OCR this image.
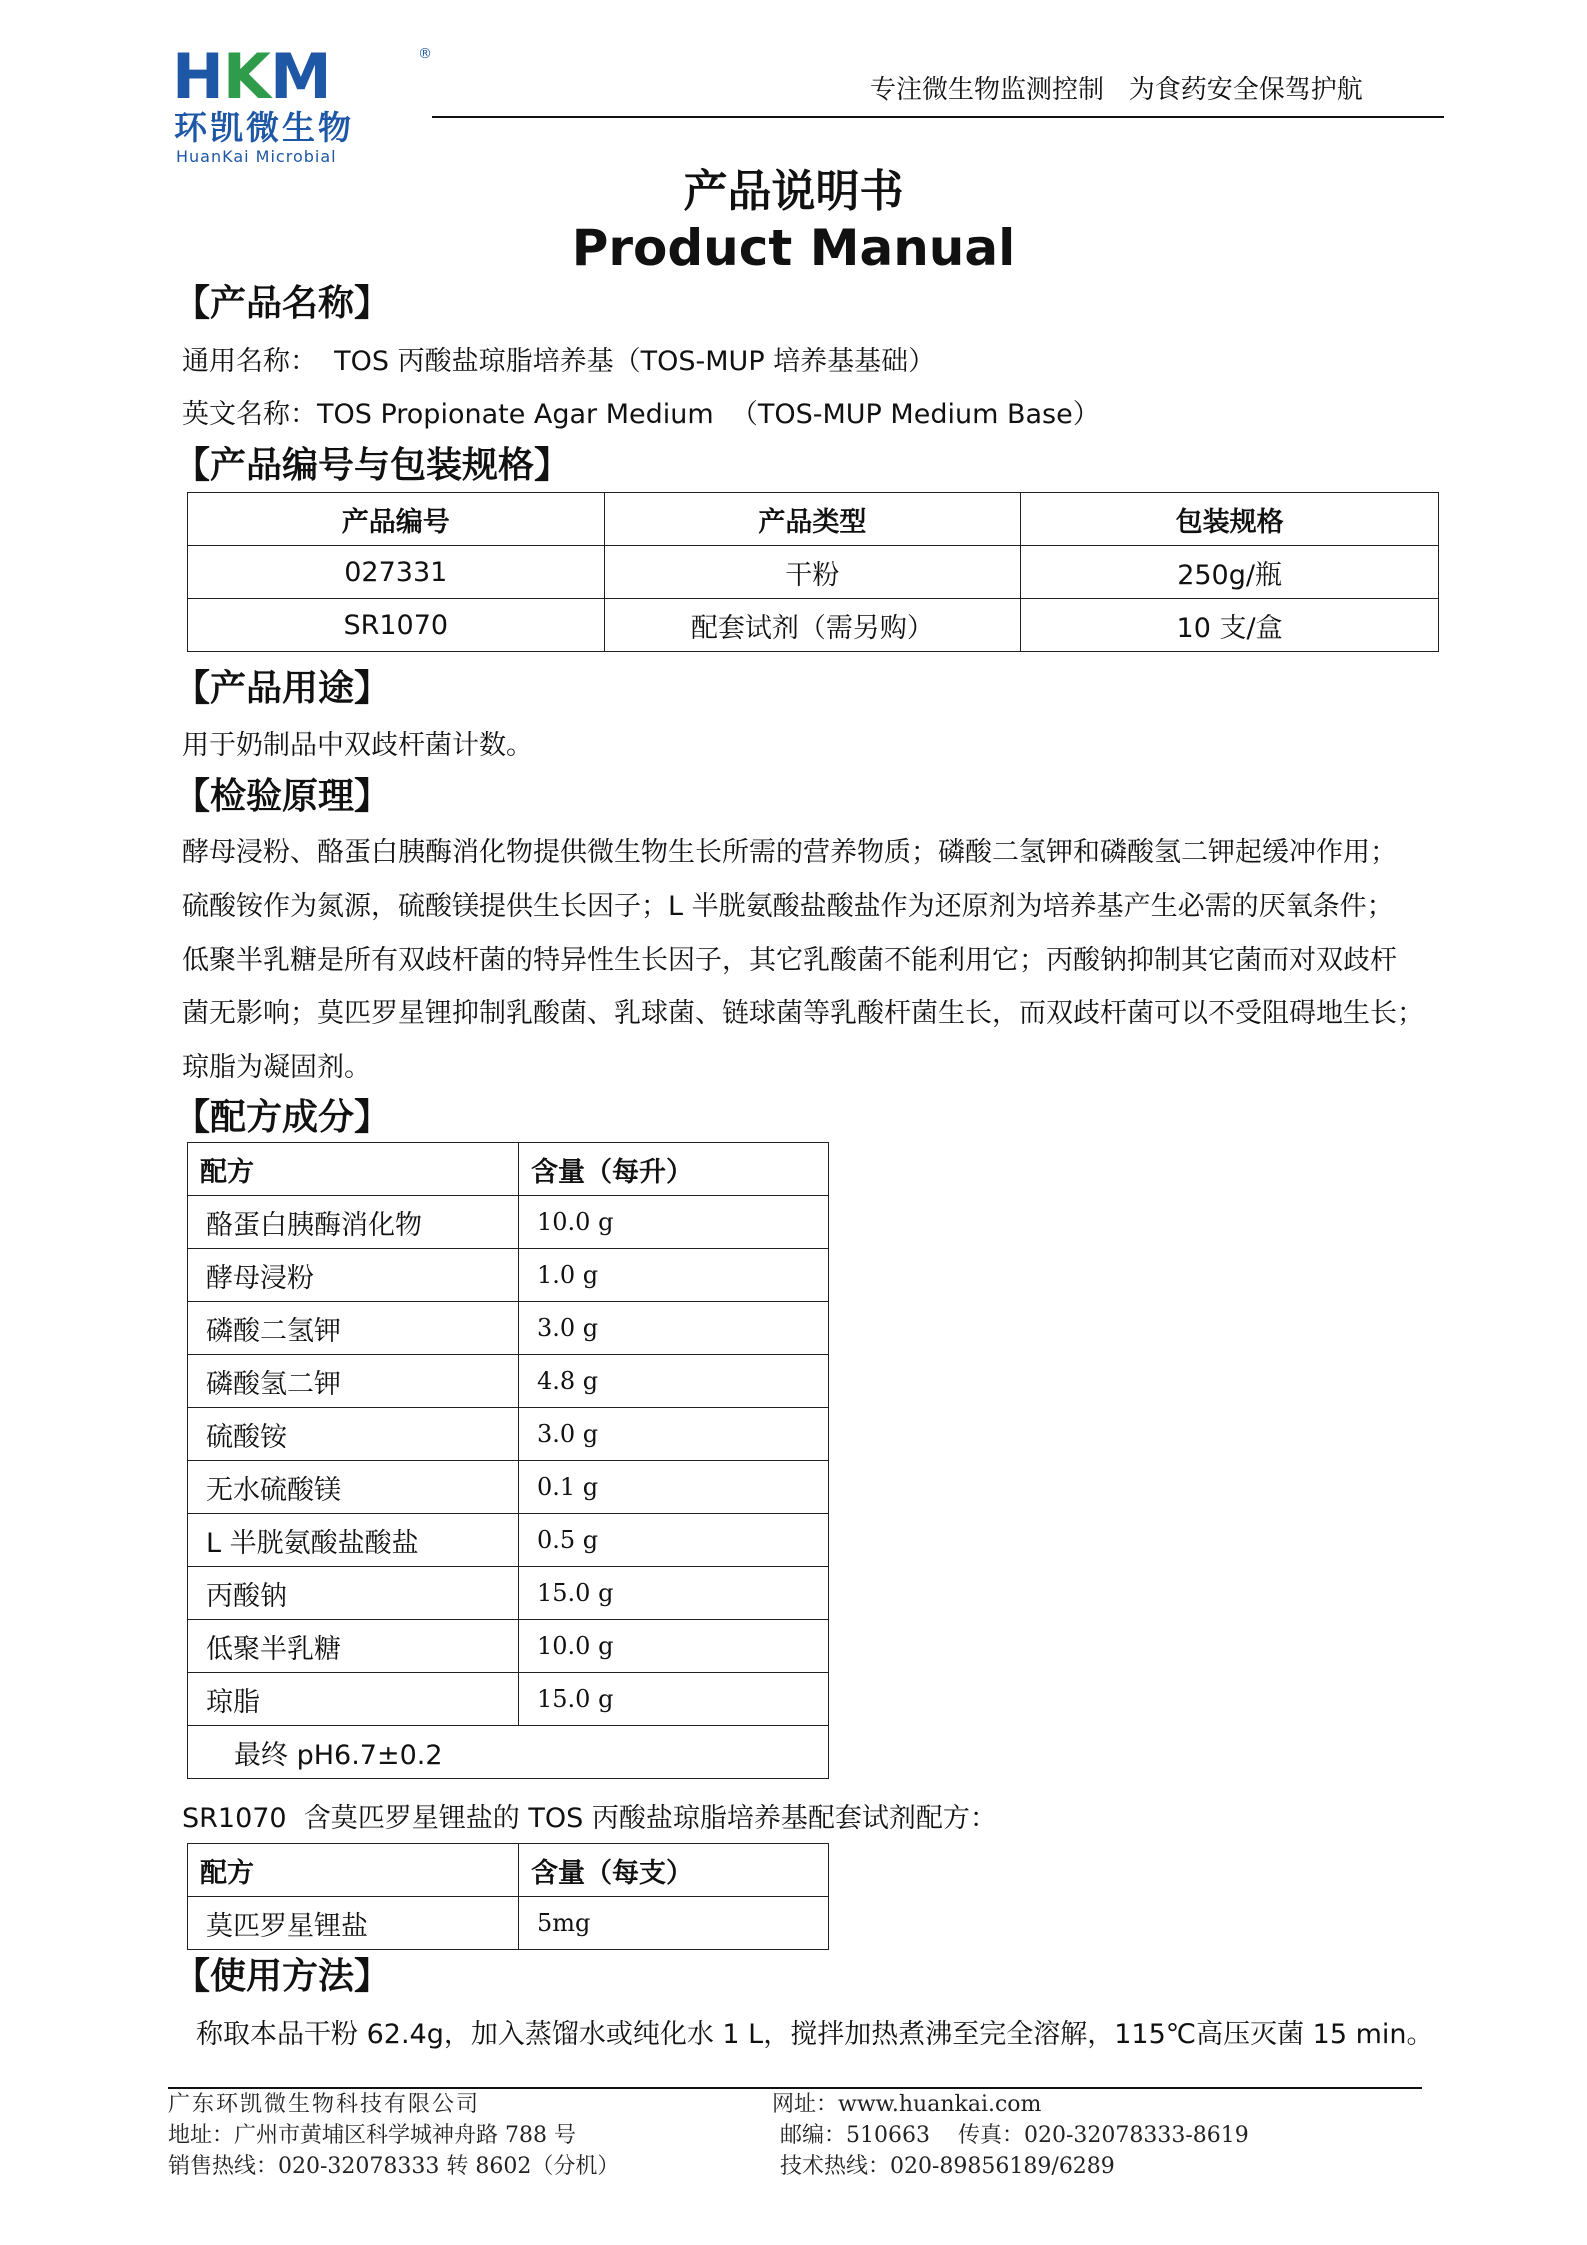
HKM	®
环凯微生物
HuanKai Microbial
专注微生物监测控制   为食药安全保驾护航
产品说明书
Product Manual
【产品名称】
通用名称：  TOS 丙酸盐琼脂培养基（TOS-MUP 培养基基础）
英文名称：TOS Propionate Agar Medium  （TOS-MUP Medium Base）
【产品编号与包装规格】
产品编号	产品类型	包装规格
027331	干粉	250g/瓶
SR1070	配套试剂（需另购）	10 支/盒
【产品用途】
用于奶制品中双歧杆菌计数。
【检验原理】
酵母浸粉、酪蛋白胰酶消化物提供微生物生长所需的营养物质；磷酸二氢钾和磷酸氢二钾起缓冲作用；
硫酸铵作为氮源，硫酸镁提供生长因子；L 半胱氨酸盐酸盐作为还原剂为培养基产生必需的厌氧条件；
低聚半乳糖是所有双歧杆菌的特异性生长因子，其它乳酸菌不能利用它；丙酸钠抑制其它菌而对双歧杆
菌无影响；莫匹罗星锂抑制乳酸菌、乳球菌、链球菌等乳酸杆菌生长，而双歧杆菌可以不受阻碍地生长；
琼脂为凝固剂。
【配方成分】
配方	含量（每升）
酪蛋白胰酶消化物	10.0 g
酵母浸粉	1.0 g
磷酸二氢钾	3.0 g
磷酸氢二钾	4.8 g
硫酸铵	3.0 g
无水硫酸镁	0.1 g
L 半胱氨酸盐酸盐	0.5 g
丙酸钠	15.0 g
低聚半乳糖	10.0 g
琼脂	15.0 g
最终 pH6.7±0.2	
SR1070  含莫匹罗星锂盐的 TOS 丙酸盐琼脂培养基配套试剂配方：
配方	含量（每支）
莫匹罗星锂盐	5mg
【使用方法】
称取本品干粉 62.4g，加入蒸馏水或纯化水 1 L，搅拌加热煮沸至完全溶解，115℃高压灭菌 15 min。
广东环凯微生物科技有限公司
地址：广州市黄埔区科学城神舟路 788 号
销售热线：020-32078333 转 8602（分机）
网址：www.huankai.com
邮编：510663    传真：020-32078333-8619
技术热线：020-89856189/6289
